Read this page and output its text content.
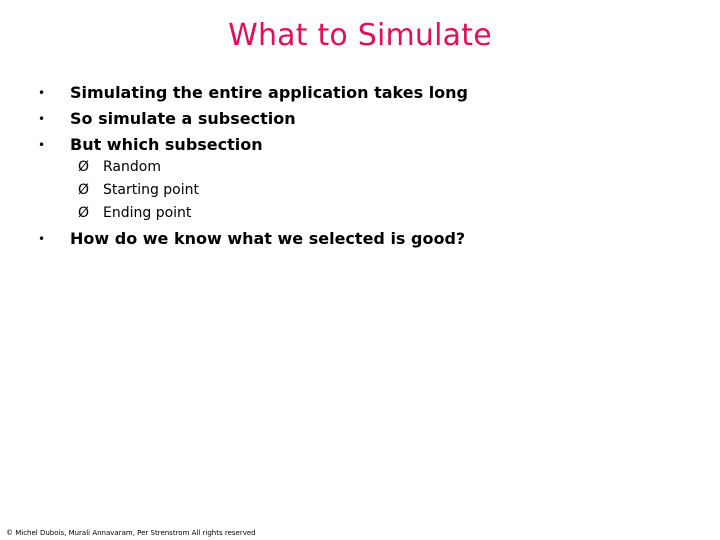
What to Simulate
•	Simulating the entire application takes long
•	So simulate a subsection
•	But which subsection
Ø Random
Ø Starting point
Ø Ending point
•	How do we know what we selected is good?
© Michel Dubois, Murali Annavaram, Per Strenstrom All rights reserved
